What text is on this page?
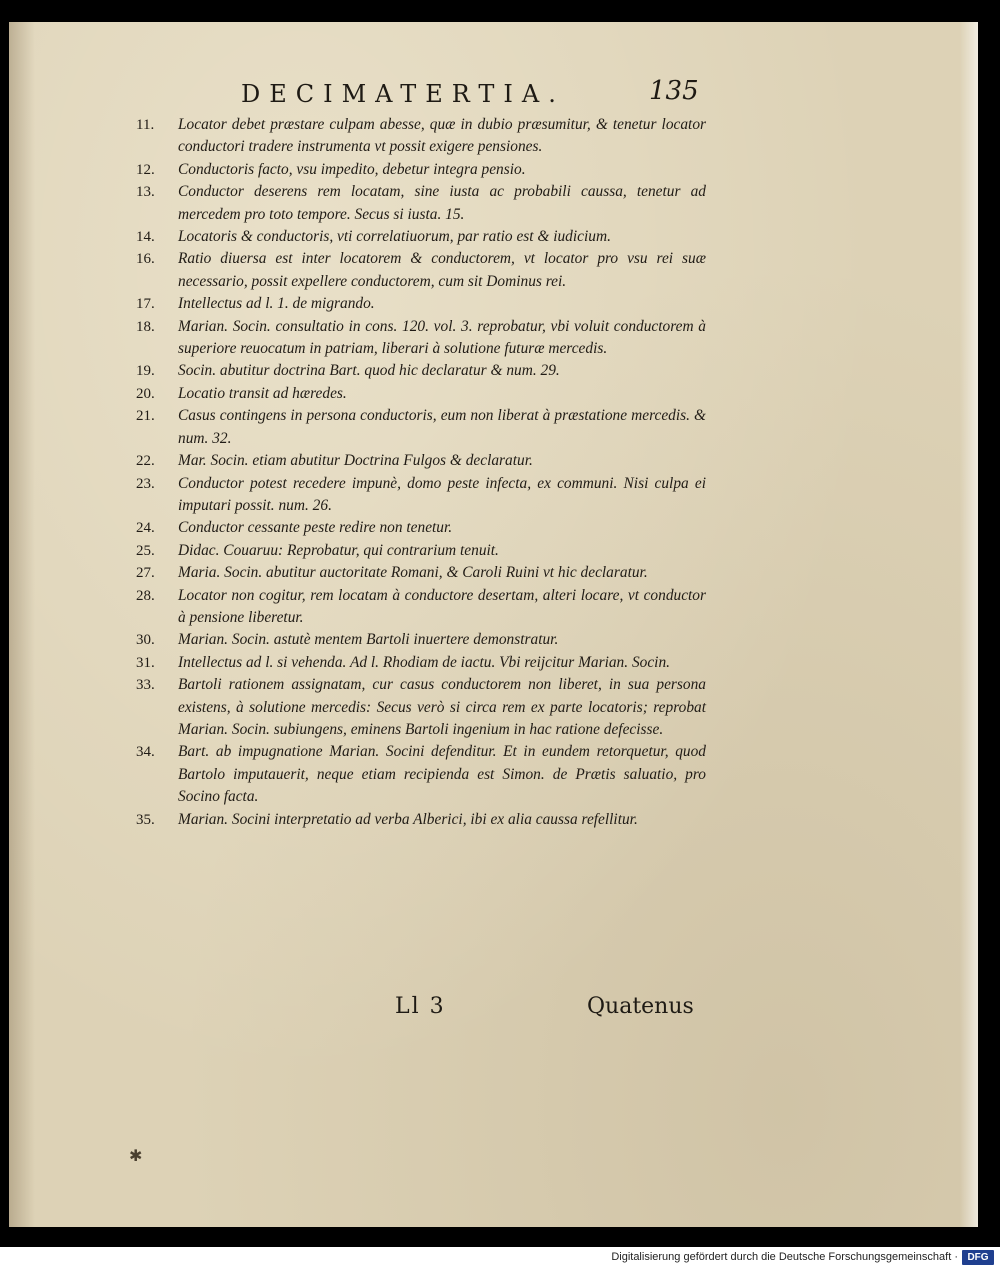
DECIMATERTIA.	135
11.	Locator debet præstare culpam abesse, quæ in dubio præsumitur, & tenetur locator conductori tradere instrumenta vt possit exigere pensiones.
12.	Conductoris facto, vsu impedito, debetur integra pensio.
13.	Conductor deserens rem locatam, sine iusta ac probabili caussa, tenetur ad mercedem pro toto tempore. Secus si iusta. 15.
14.	Locatoris & conductoris, vti correlatiuorum, par ratio est & iudicium.
16.	Ratio diuersa est inter locatorem & conductorem, vt locator pro vsu rei suæ necessario, possit expellere conductorem, cum sit Dominus rei.
17.	Intellectus ad l. 1. de migrando.
18.	Marian. Socin. consultatio in cons. 120. vol. 3. reprobatur, vbi voluit conductorem à superiore reuocatum in patriam, liberari à solutione futuræ mercedis.
19.	Socin. abutitur doctrina Bart. quod hic declaratur & num. 29.
20.	Locatio transit ad hæredes.
21.	Casus contingens in persona conductoris, eum non liberat à præstatione mercedis. & num. 32.
22.	Mar. Socin. etiam abutitur Doctrina Fulgos & declaratur.
23.	Conductor potest recedere impunè, domo peste infecta, ex communi. Nisi culpa ei imputari possit. num. 26.
24.	Conductor cessante peste redire non tenetur.
25.	Didac. Couaruu: Reprobatur, qui contrarium tenuit.
27.	Maria. Socin. abutitur auctoritate Romani, & Caroli Ruini vt hic declaratur.
28.	Locator non cogitur, rem locatam à conductore desertam, alteri locare, vt conductor à pensione liberetur.
30.	Marian. Socin. astutè mentem Bartoli inuertere demonstratur.
31.	Intellectus ad l. si vehenda. Ad l. Rhodiam de iactu. Vbi reijcitur Marian. Socin.
33.	Bartoli rationem assignatam, cur casus conductorem non liberet, in sua persona existens, à solutione mercedis: Secus verò si circa rem ex parte locatoris; reprobat Marian. Socin. subiungens, eminens Bartoli ingenium in hac ratione defecisse.
34.	Bart. ab impugnatione Marian. Socini defenditur. Et in eundem retorquetur, quod Bartolo imputauerit, neque etiam recipienda est Simon. de Prætis saluatio, pro Socino facta.
35.	Marian. Socini interpretatio ad verba Alberici, ibi ex alia caussa refellitur.
Ll 3	Quatenus
✱
Digitalisierung gefördert durch die Deutsche Forschungsgemeinschaft · DFG
